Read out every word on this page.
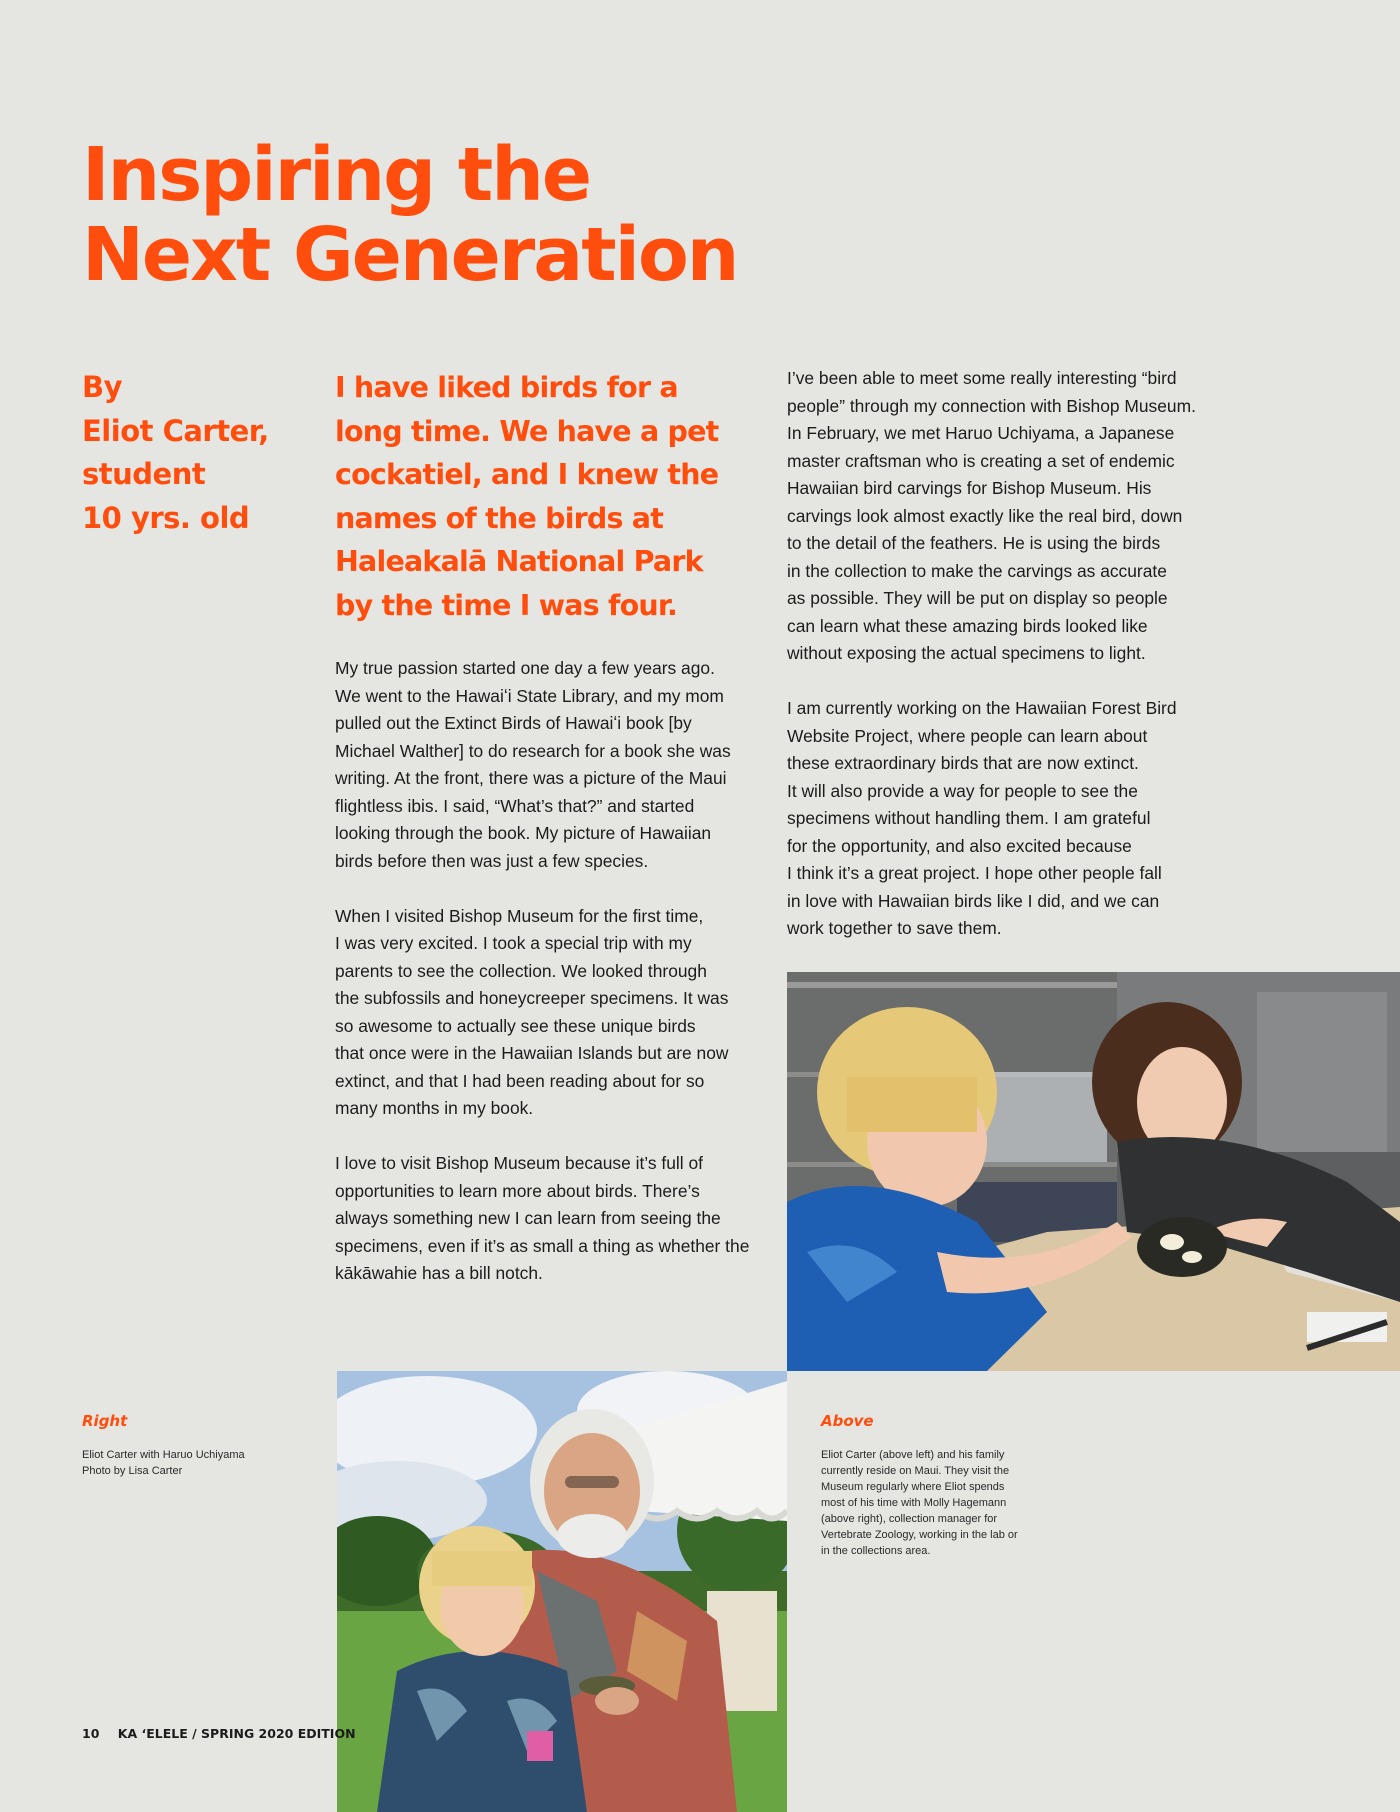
Inspiring the
Next Generation
By
Eliot Carter,
student
10 yrs. old
I have liked birds for a
long time. We have a pet
cockatiel, and I knew the
names of the birds at
Haleakalā National Park
by the time I was four.
My true passion started one day a few years ago.
We went to the Hawaiʻi State Library, and my mom
pulled out the Extinct Birds of Hawaiʻi book [by
Michael Walther] to do research for a book she was
writing. At the front, there was a picture of the Maui
flightless ibis. I said, “What’s that?” and started
looking through the book. My picture of Hawaiian
birds before then was just a few species.
When I visited Bishop Museum for the first time,
I was very excited. I took a special trip with my
parents to see the collection. We looked through
the subfossils and honeycreeper specimens. It was
so awesome to actually see these unique birds
that once were in the Hawaiian Islands but are now
extinct, and that I had been reading about for so
many months in my book.
I love to visit Bishop Museum because it’s full of
opportunities to learn more about birds. There’s
always something new I can learn from seeing the
specimens, even if it’s as small a thing as whether the
kākāwahie has a bill notch.
I’ve been able to meet some really interesting “bird
people” through my connection with Bishop Museum.
In February, we met Haruo Uchiyama, a Japanese
master craftsman who is creating a set of endemic
Hawaiian bird carvings for Bishop Museum. His
carvings look almost exactly like the real bird, down
to the detail of the feathers. He is using the birds
in the collection to make the carvings as accurate
as possible. They will be put on display so people
can learn what these amazing birds looked like
without exposing the actual specimens to light.
I am currently working on the Hawaiian Forest Bird
Website Project, where people can learn about
these extraordinary birds that are now extinct.
It will also provide a way for people to see the
specimens without handling them. I am grateful
for the opportunity, and also excited because
I think it’s a great project. I hope other people fall
in love with Hawaiian birds like I did, and we can
work together to save them.
Right
Eliot Carter with Haruo Uchiyama
Photo by Lisa Carter
Above
Eliot Carter (above left) and his family
currently reside on Maui. They visit the
Museum regularly where Eliot spends
most of his time with Molly Hagemann
(above right), collection manager for
Vertebrate Zoology, working in the lab or
in the collections area.
10 KA ʻELELE / SPRING 2020 EDITION
